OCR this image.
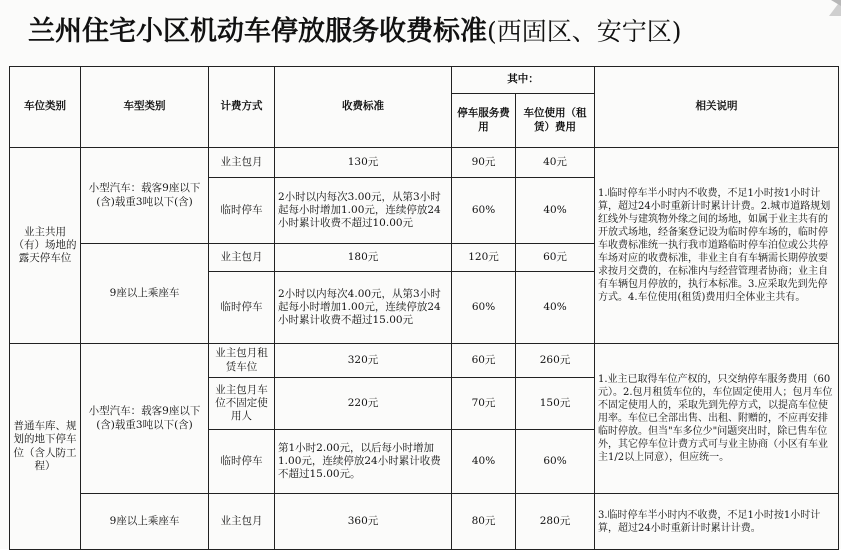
兰州住宅小区机动车停放服务收费标准(西固区、安宁区)
车位类别	车型类别	计费方式	收费标准	其中：		相关说明
				停车服务费用	车位使用（租赁）费用	
业主共用（有）场地的露天停车位	小型汽车：载客9座以下(含)载重3吨以下(含)	业主包月	130元	90元	40元	1.临时停车半小时内不收费，不足1小时按1小时计算，超过24小时重新计时累计计费。2.城市道路规划红线外与建筑物外缘之间的场地，如属于业主共有的开放式场地，经备案登记设为临时停车场的，临时停车收费标准统一执行我市道路临时停车泊位或公共停车场对应的收费标准，非业主自有车辆需长期停放要求按月交费的，在标准内与经营管理者协商；业主自有车辆包月停放的，执行本标准。3.应采取先到先停方式。4.车位使用(租赁)费用归全体业主共有。
		临时停车	2小时以内每次3.00元，从第3小时起每小时增加1.00元，连续停放24小时累计收费不超过10.00元	60%	40%	
	9座以上乘座车	业主包月	180元	120元	60元	
		临时停车	2小时以内每次4.00元，从第3小时起每小时增加1.00元，连续停放24小时累计收费不超过15.00元	60%	40%	
普通车库、规划的地下停车位（含人防工程）	小型汽车：载客9座以下(含)载重3吨以下(含)	业主包月租赁车位	320元	60元	260元	1.业主已取得车位产权的，只交纳停车服务费用（60元）。2.包月租赁车位的，车位固定使用人；包月车位不固定使用人的，采取先到先停方式，以提高车位使用率。车位已全部出售、出租、附赠的，不应再安排临时停放。但当"车多位少"问题突出时，除已售车位外，其它停车位计费方式可与业主协商（小区有车业主1/2以上同意），但应统一。
		业主包月车位不固定使用人	220元	70元	150元	
		临时停车	第1小时2.00元，以后每小时增加1.00元，连续停放24小时累计收费不超过15.00元。	40%	60%	
	9座以上乘座车	业主包月	360元	80元	280元	3.临时停车半小时内不收费，不足1小时按1小时计算，超过24小时重新计时累计计费。
